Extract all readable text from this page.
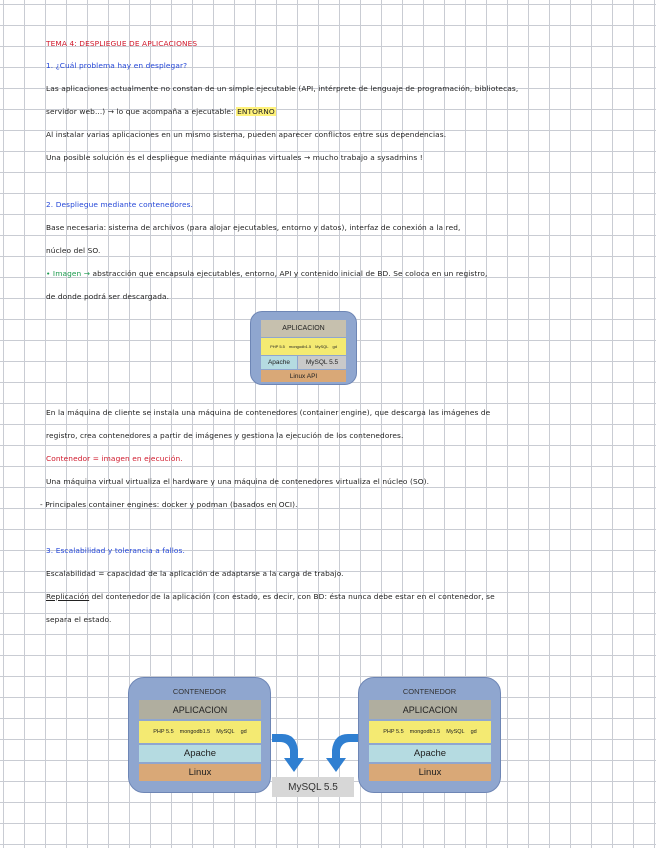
TEMA 4: DESPLIEGUE DE APLICACIONES
1. ¿Cuál problema hay en desplegar?
Las aplicaciones actualmente no constan de un simple ejecutable (API, intérprete de lenguaje de programación, bibliotecas,
servidor web...) → lo que acompaña a ejecutable: ENTORNO
Al instalar varias aplicaciones en un mismo sistema, pueden aparecer conflictos entre sus dependencias.
Una posible solución es el despliegue mediante máquinas virtuales → mucho trabajo a sysadmins !
2. Despliegue mediante contenedores.
Base necesaria: sistema de archivos (para alojar ejecutables, entorno y datos), interfaz de conexión a la red,
núcleo del SO.
• Imagen → abstracción que encapsula ejecutables, entorno, API y contenido inicial de BD. Se coloca en un registro,
de donde podrá ser descargada.
APLICACION
PHP 5.5 mongodb1.5 MySQL gd
Apache	MySQL 5.5
Linux API
En la máquina de cliente se instala una máquina de contenedores (container engine), que descarga las imágenes de
registro, crea contenedores a partir de imágenes y gestiona la ejecución de los contenedores.
Contenedor = imagen en ejecución.
Una máquina virtual virtualiza el hardware y una máquina de contenedores virtualiza el núcleo (SO).
- Principales container engines: docker y podman (basados en OCI).
3. Escalabilidad y tolerancia a fallos.
Escalabilidad = capacidad de la aplicación de adaptarse a la carga de trabajo.
Replicación del contenedor de la aplicación (con estado, es decir, con BD: ésta nunca debe estar en el contenedor, se
separa el estado.
CONTENEDOR
APLICACION
PHP 5.5 mongodb1.5 MySQL gd
Apache
Linux
CONTENEDOR
APLICACION
PHP 5.5 mongodb1.5 MySQL gd
Apache
Linux
MySQL 5.5
